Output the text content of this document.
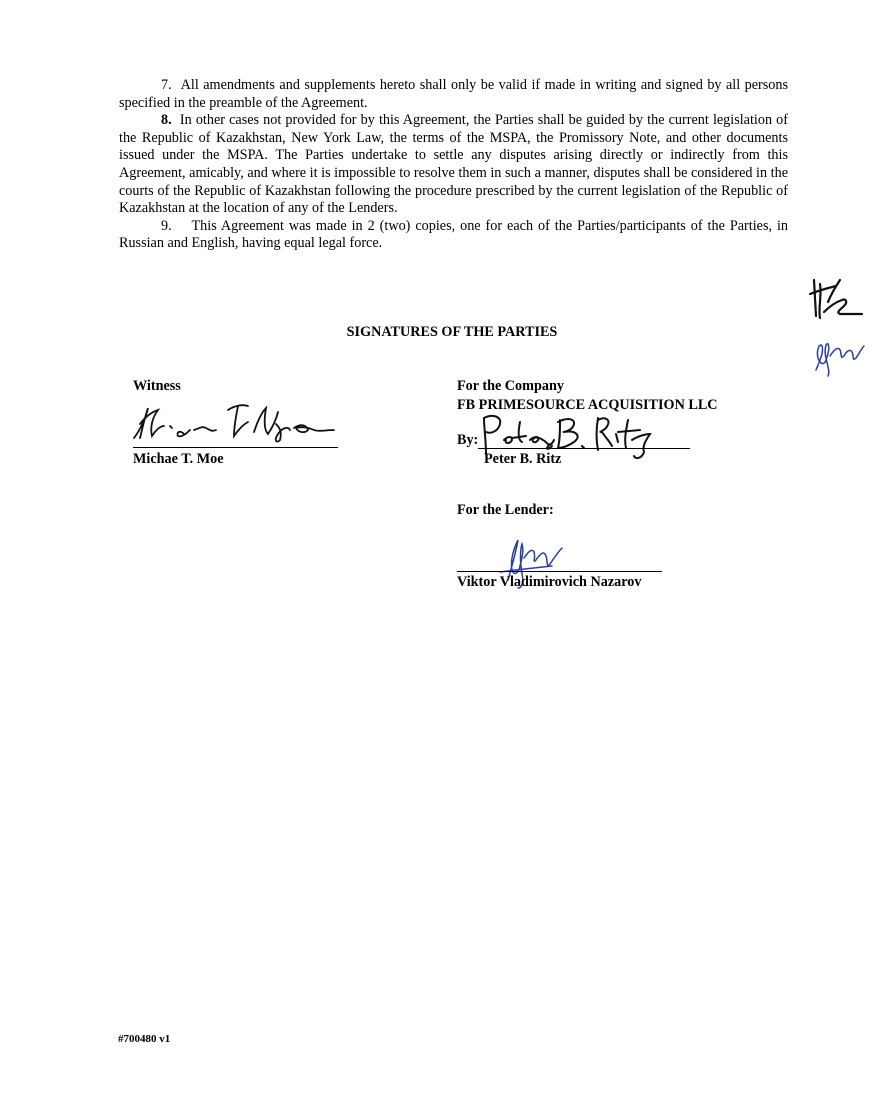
7. All amendments and supplements hereto shall only be valid if made in writing and signed by all persons specified in the preamble of the Agreement.

8. In other cases not provided for by this Agreement, the Parties shall be guided by the current legislation of the Republic of Kazakhstan, New York Law, the terms of the MSPA, the Promissory Note, and other documents issued under the MSPA. The Parties undertake to settle any disputes arising directly or indirectly from this Agreement, amicably, and where it is impossible to resolve them in such a manner, disputes shall be considered in the courts of the Republic of Kazakhstan following the procedure prescribed by the current legislation of the Republic of Kazakhstan at the location of any of the Lenders.

9. This Agreement was made in 2 (two) copies, one for each of the Parties/participants of the Parties, in Russian and English, having equal legal force.

SIGNATURES OF THE PARTIES
Witness
Michae T. Moe
For the Company
FB PRIMESOURCE ACQUISITION LLC
By:
Peter B. Ritz
For the Lender:
Viktor Vladimirovich Nazarov
#700480 v1
